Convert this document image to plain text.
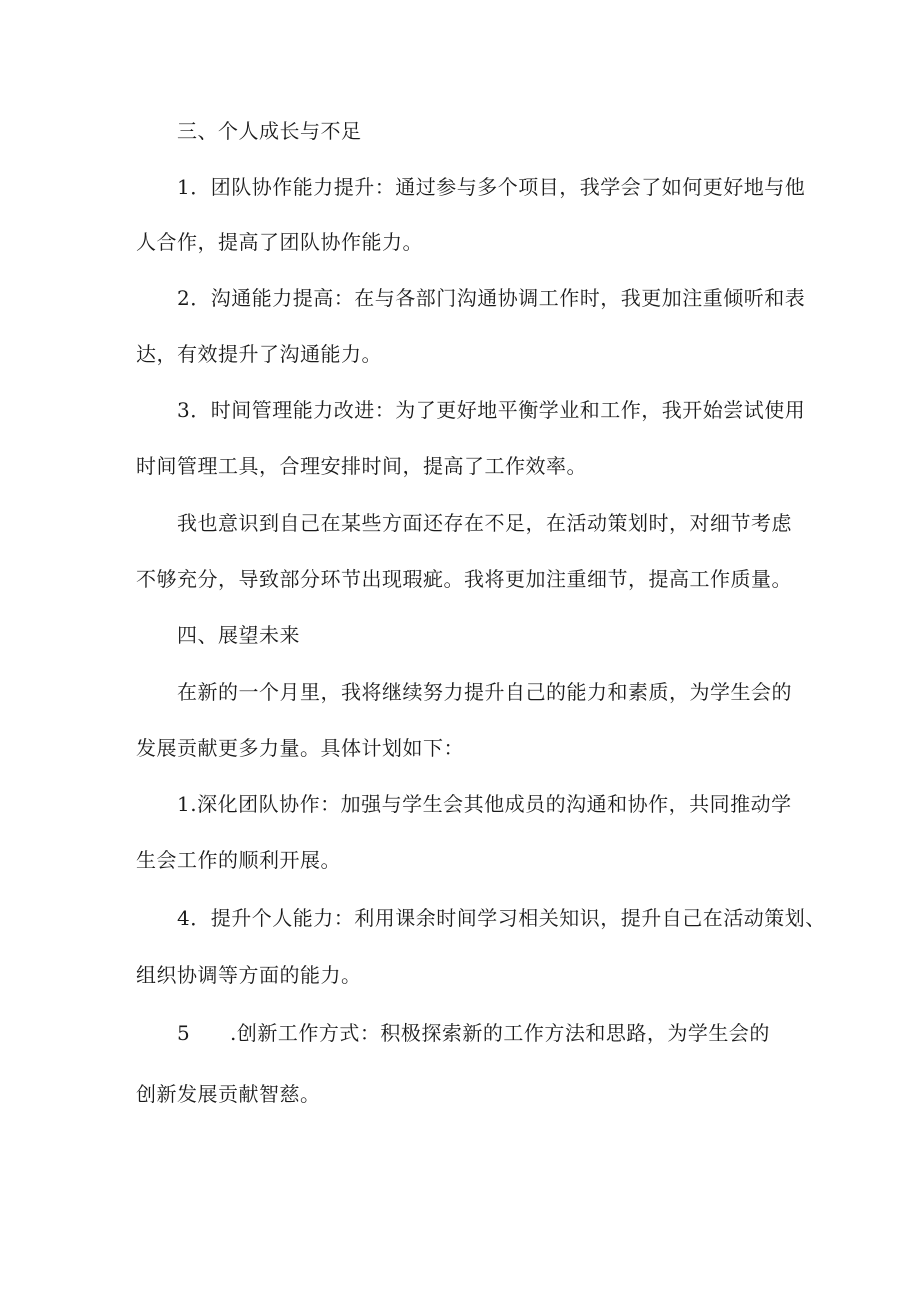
三、个人成长与不足
1．团队协作能力提升：通过参与多个项目，我学会了如何更好地与他
人合作，提高了团队协作能力。
2．沟通能力提高：在与各部门沟通协调工作时，我更加注重倾听和表
达，有效提升了沟通能力。
3．时间管理能力改进：为了更好地平衡学业和工作，我开始尝试使用
时间管理工具，合理安排时间，提高了工作效率。
我也意识到自己在某些方面还存在不足，在活动策划时，对细节考虑
不够充分，导致部分环节出现瑕疵。我将更加注重细节，提高工作质量。
四、展望未来
在新的一个月里，我将继续努力提升自己的能力和素质，为学生会的
发展贡献更多力量。具体计划如下：
1.深化团队协作：加强与学生会其他成员的沟通和协作，共同推动学
生会工作的顺利开展。
4．提升个人能力：利用课余时间学习相关知识，提升自己在活动策划、
组织协调等方面的能力。
5 .创新工作方式：积极探索新的工作方法和思路，为学生会的
创新发展贡献智慈。
